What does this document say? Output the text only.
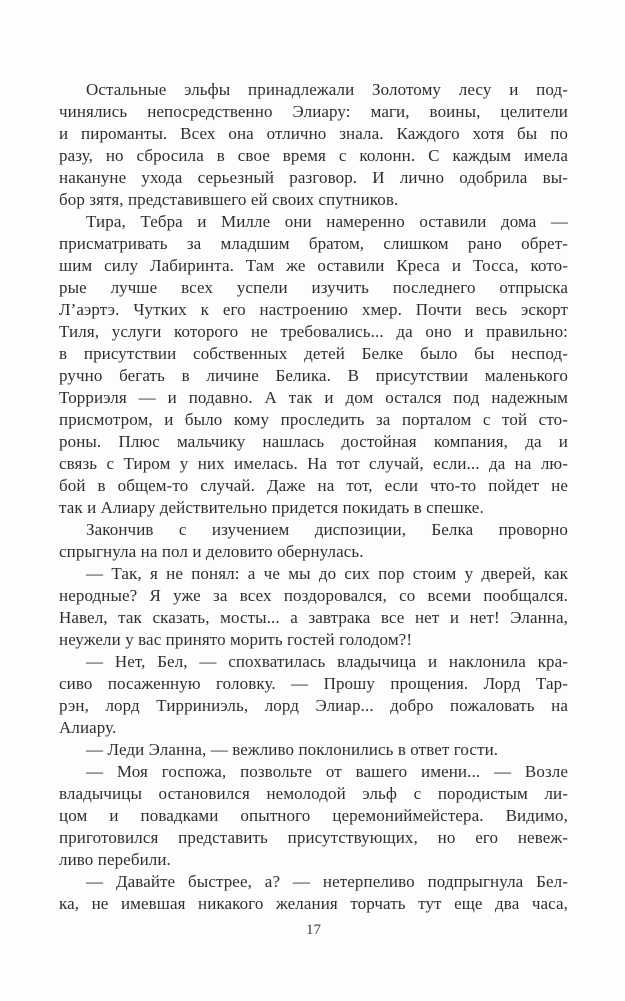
Остальные эльфы принадлежали Золотому лесу и под-
чинялись непосредственно Элиару: маги, воины, целители
и пироманты. Всех она отлично знала. Каждого хотя бы по
разу, но сбросила в свое время с колонн. С каждым имела
накануне ухода серьезный разговор. И лично одобрила вы-
бор зятя, представившего ей своих спутников.
Тира, Тебра и Милле они намеренно оставили дома —
присматривать за младшим братом, слишком рано обрет-
шим силу Лабиринта. Там же оставили Креса и Тосса, кото-
рые лучше всех успели изучить последнего отпрыска
Л’аэртэ. Чутких к его настроению хмер. Почти весь эскорт
Тиля, услуги которого не требовались... да оно и правильно:
в присутствии собственных детей Белке было бы неспод-
ручно бегать в личине Белика. В присутствии маленького
Торриэля — и подавно. А так и дом остался под надежным
присмотром, и было кому проследить за порталом с той сто-
роны. Плюс мальчику нашлась достойная компания, да и
связь с Тиром у них имелась. На тот случай, если... да на лю-
бой в общем-то случай. Даже на тот, если что-то пойдет не
так и Алиару действительно придется покидать в спешке.
Закончив с изучением диспозиции, Белка проворно
спрыгнула на пол и деловито обернулась.
— Так, я не понял: а че мы до сих пор стоим у дверей, как
неродные? Я уже за всех поздоровался, со всеми пообщался.
Навел, так сказать, мосты... а завтрака все нет и нет! Эланна,
неужели у вас принято морить гостей голодом?!
— Нет, Бел, — спохватилась владычица и наклонила кра-
сиво посаженную головку. — Прошу прощения. Лорд Тар-
рэн, лорд Тирриниэль, лорд Элиар... добро пожаловать на
Алиару.
— Леди Эланна, — вежливо поклонились в ответ гости.
— Моя госпожа, позвольте от вашего имени... — Возле
владычицы остановился немолодой эльф с породистым ли-
цом и повадками опытного церемониймейстера. Видимо,
приготовился представить присутствующих, но его невеж-
ливо перебили.
— Давайте быстрее, а? — нетерпеливо подпрыгнула Бел-
ка, не имевшая никакого желания торчать тут еще два часа,
17
